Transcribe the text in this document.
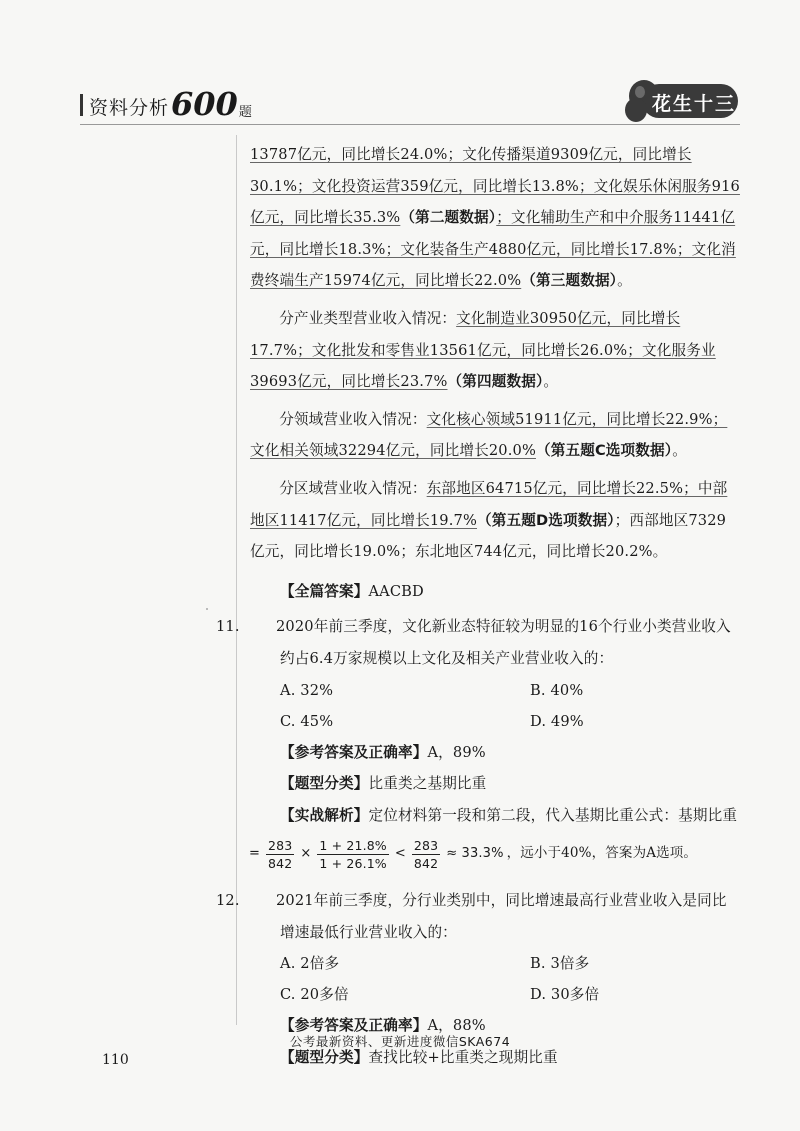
资料分析 600 题	花生十三

13787亿元，同比增长24.0%；文化传播渠道9309亿元，同比增长30.1%；文化投资运营359亿元，同比增长13.8%；文化娱乐休闲服务916亿元，同比增长35.3%（第二题数据）；文化辅助生产和中介服务11441亿元，同比增长18.3%；文化装备生产4880亿元，同比增长17.8%；文化消费终端生产15974亿元，同比增长22.0%（第三题数据）。

分产业类型营业收入情况：文化制造业30950亿元，同比增长17.7%；文化批发和零售业13561亿元，同比增长26.0%；文化服务业39693亿元，同比增长23.7%（第四题数据）。

分领域营业收入情况：文化核心领域51911亿元，同比增长22.9%；文化相关领域32294亿元，同比增长20.0%（第五题C选项数据）。

分区域营业收入情况：东部地区64715亿元，同比增长22.5%；中部地区11417亿元，同比增长19.7%（第五题D选项数据）；西部地区7329亿元，同比增长19.0%；东北地区744亿元，同比增长20.2%。

【全篇答案】AACBD

11. 2020年前三季度，文化新业态特征较为明显的16个行业小类营业收入约占6.4万家规模以上文化及相关产业营业收入的：

A. 32%	B. 40%
C. 45%	D. 49%

【参考答案及正确率】A，89%

【题型分类】比重类之基期比重

【实战解析】定位材料第一段和第二段，代入基期比重公式：基期比重

= $\frac{283}{842} \times \frac{1 + 21.8\%}{1 + 26.1\%} < \frac{283}{842} \approx 33.3\%$ ，远小于40%，答案为A选项。

12. 2021年前三季度，分行业类别中，同比增速最高行业营业收入是同比增速最低行业营业收入的：

A. 2倍多	B. 3倍多
C. 20多倍	D. 30多倍

【参考答案及正确率】A，88%

【题型分类】查找比较+比重类之现期比重

公考最新资料、更新进度微信SKA674
110
